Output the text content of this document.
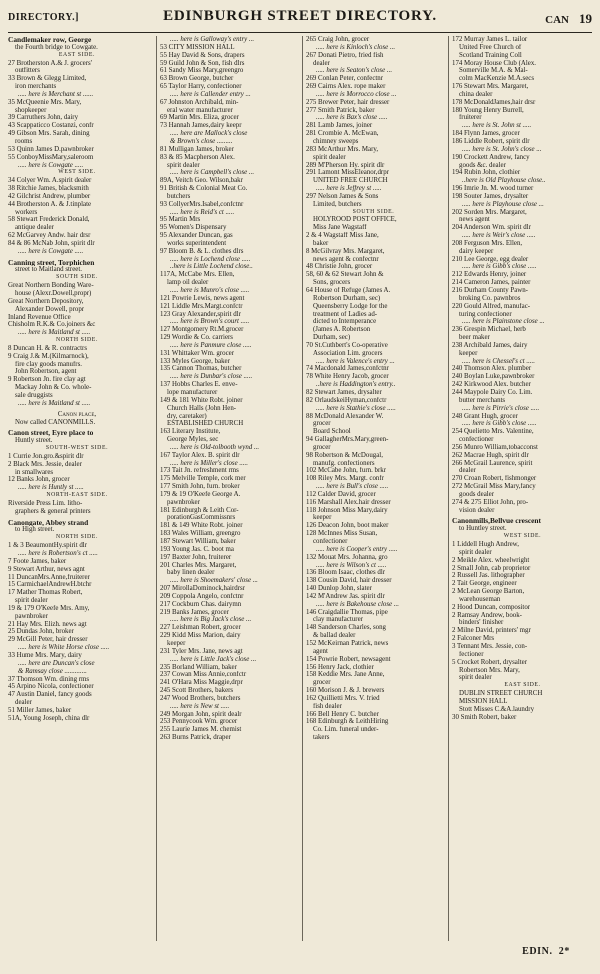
DIRECTORY.]	EDINBURGH STREET DIRECTORY.	CAN 19
Candlemaker row, George
the Fourth bridge to Cowgate.
EAST SIDE.
27 Brotherston A.& J. grocers'
outfitters
33 Brown & Glegg Limited,
iron merchants
..... here is Merchant st ......
35 McQueenie Mrs. Mary,
shopkeeper
39 Carruthers John, dairy
43 Scappaticco Costanzi, confr
49 Gibson Mrs. Sarah, dining
rooms
53 Quinn James D.pawnbroker
55 ConboyMissMary,saleroom
..... here is Cowgate .....
WEST SIDE.
34 Colyer Wm. A.spirit dealer
38 Ritchie James, blacksmith
42 Gilchrist Andrew, plumber
44 Brotherston A. & J.tinplate
workers
58 Stewart Frederick Donald,
antique dealer
62 McGarvey Andw. hair drsr
84 & 86 McNab John, spirit dlr
..... here is Cowgate .....
Canning street, Torphichen
street to Maitland street.
SOUTH SIDE.
Great Northern Bonding Ware-
house (Alexr.Dowell,propr)
Great Northern Depository,
Alexander Dowell, propr
Inland Revenue Office
Chisholm R.K.& Co.joiners &c
..... here is Maitland st .....
NORTH SIDE.
8 Duncan H. & R. contractrs
9 Craig J.& M.(Kilmarnock),
fire clay goods manufrs.
John Robertson, agent
9 Robertson Jn. fire clay agt
Mackay John & Co. whole-
sale druggists
..... here is Maitland st .....
Canon place,
Now called CANONMILLS.
Canon street, Eyre place to
Huntly street.
SOUTH-WEST SIDE.
1 Currie Jon.gro.&spirit dlr
2 Black Mrs. Jessie, dealer
in smallwares
12 Banks John, grocer
..... here is Huntly st .....
NORTH-EAST SIDE.
Riverside Press Lim. litho-
graphers & general printers
Canongate, Abbey strand
to High street.
NORTH SIDE.
1 & 3 BeaumontHy.spirit dlr
..... here is Robertson's ct .....
7 Foote James, baker
9 Stewart Arthur, news agnt
11 DuncanMrs.Anne,fruiterer
15 CarmichaelAndrewH.btchr
17 Mather Thomas Robert,
spirit dealer
19 & 179 O'Keefe Mrs. Amy,
pawnbroker
21 Hay Mrs. Elizh. news agt
25 Dundas John, broker
29 McGill Peter, hair dresser
..... here is White Horse close .....
33 Hume Mrs. Mary, dairy
..... here are Duncan's close
& Ramsay close .............
37 Thomson Wm. dining rms
45 Arpino Nicola, confectioner
47 Austin Daniel, fancy goods
dealer
51 Miller James, baker
51A, Young Joseph, china dlr
..... here is Galloway's entry ...
53 CITY MISSION HALL
55 Hay David & Sons, drapers
59 Guild John & Son, fish dlrs
61 Sandy Miss Mary,greengro
63 Brown George, butcher
65 Taylor Harry, confectioner
..... here is Callender entry ...
67 Johnston Archibald, min-
eral water manufacturer
69 Martin Mrs. Eliza, grocer
73 Hannah James,dairy keepr
..... here are Mallock's close
& Brown's close .........
81 Mulligan James, broker
83 & 85 Macpherson Alex.
spirit dealer
..... here is Campbell's close ...
89A, Veitch Geo. Wilson,bakr
91 British & Colonial Meat Co.
butchers
93 CollyerMrs.Isabel,confctnr
..... here is Reid's ct .....
95 Martin Mrs
95 Women's Dispensary
95 Alexander Duncan, gas
works superintendent
97 Bloom B. & L. clothes dlrs
..... here is Lochend close .....
..here is Little Lochend close..
117A, McCabe Mrs. Ellen,
lamp oil dealer
..... here is Munro's close .....
121 Powrie Lewis, news agent
121 Liddle Mrs.Margt.confctr
123 Gray Alexander,spirit dlr
..... here is Brown's court .....
127 Montgomery Rt.M.grocer
129 Wordie & Co. carriers
..... here is Panmure close .....
131 Whittaker Wm. grocer
133 Myles George, baker
135 Cannon Thomas, butcher
..... here is Dunbar's close .....
137 Hobbs Charles E. enve-
lope manufacturer
149 & 181 White Robt. joiner
Church Halls (John Hen-
dry, caretaker)
ESTABLISHED CHURCH
163 Literary Institute,
George Myles, sec
..... here is Old-tolbooth wynd ...
167 Taylor Alex. B. spirit dlr
..... here is Miller's close .....
173 Tait Jn. refreshment rms
175 Melville Temple, cork mer
177 Smith John, furn. broker
179 & 19 O'Keefe George A.
pawnbroker
181 Edinburgh & Leith Cor-
porationGasCommissnrs
181 & 149 White Robt. joiner
183 Wales William, greengro
187 Stewart William, baker
193 Young Jas. C. boot ma
197 Baxter John, fruiterer
201 Charles Mrs. Margaret,
baby linen dealer
..... here is Shoemakers' close ...
207 MirollaDominock,hairdrsr
209 Coppola Angelo, confctnr
217 Cockburn Chas. dairymn
219 Banks James, grocer
..... here is Big Jack's close ...
227 Leishman Robert, grocer
229 Kidd Miss Marion, dairy
keeper
231 Tyler Mrs. Jane, news agt
..... here is Little Jack's close ...
235 Borland William, baker
237 Cowan Miss Annie,confctr
241 O'Hara Miss Maggie,drpr
245 Scott Brothers, bakers
247 Wood Brothers, butchers
..... here is New st .....
249 Morgan John, spirit dealr
253 Pennycook Wm. grocer
255 Laurie James M. chemist
263 Burns Patrick, draper
265 Craig John, grocer
..... here is Kinloch's close ...
267 Donati Pietro, fried fish
dealer
..... here is Seaton's close ...
269 Conlan Peter, confectnr
269 Cairns Alex. rope maker
..... here is Morrocco close ...
275 Brewer Peter, hair dresser
277 Smith Patrick, baker
..... here is Bax's close .....
281 Lamb James, joiner
281 Crombie A. McEwan,
chimney sweeps
283 McArthur Mrs. Mary,
spirit dealer
289 M'Pherson Hy. spirit dlr
291 Lamont MissEleanor,drpr
UNITED FREE CHURCH
..... here is Jeffrey st .....
297 Nelson James & Sons
Limited, butchers
SOUTH SIDE.
HOLYROOD POST OFFICE,
Miss Jane Wagstaff
2 & 4 Wagstaff Miss Jane,
baker
8 McGilvray Mrs. Margaret,
news agent & confectnr
48 Christie John, grocer
58, 60 & 62 Stewart John &
Sons, grocers
64 House of Refuge (James A.
Robertson Durham, sec)
Queensberry Lodge for the
treatment of Ladies ad-
dicted to Intemperance
(James A. Robertson
Durham, sec)
70 St.Cuthbert's Co-operative
Association Lim. grocers
..... here is Valence's entry ...
74 Macdonald James,confctnr
78 White Henry Jacob, grocer
..here is Haddington's entry..
82 Stewart James, drysalter
82 OrlaudskeiHyman,confctr
..... here is Stathie's close .....
88 McDonald Alexander W.
grocer
Board School
94 GallagherMrs.Mary,green-
grocer
98 Robertson & McDougal,
manufg. confectioners
102 McCabe John, furn. brkr
108 Riley Mrs. Margt. confr
..... here is Bull's close .....
112 Calder David, grocer
116 Marshall Alex.hair dresser
118 Johnson Miss Mary,dairy
keeper
126 Deacon John, boot maker
128 McInnes Miss Susan,
confectioner
..... here is Cooper's entry .....
132 Mouat Mrs. Johanna, gro
..... here is Wilson's ct .....
136 Bloom Isaac, clothes dlr
138 Cousin David, hair dresser
140 Dunlop John, slater
142 M'Andrew Jas. spirit dlr
..... here is Bakehouse close ...
146 Craigdallie Thomas, pipe
clay manufacturer
148 Sanderson Charles, song
& ballad dealer
152 McKeirnan Patrick, news
agent
154 Powrie Robert, newsagent
156 Henry Jack, clothier
158 Keddie Mrs. Jane Anne,
grocer
160 Morison J. & J. brewers
162 Quillietti Mrs. V. fried
fish dealer
166 Bell Henry C. butcher
168 Edinburgh & LeithHiring
Co. Lim. funeral under-
takers
172 Murray James L. tailor
United Free Church of
Scotland Training Coll
174 Moray House Club (Alex.
Somerville M.A. & Mal-
colm MacKenzie M.A.secs
176 Stewart Mrs. Margaret,
china dealer
178 McDonaldJames,hair drsr
180 Young Henry Burrell,
fruiterer
..... here is St. John st .....
184 Flynn James, grocer
186 Liddle Robert, spirit dlr
..... here is St. John's close ...
190 Crockett Andrew, fancy
goods &c. dealer
194 Rubin John, clothier
..here is Old Playhouse close..
196 Imrie Jn. M. wood turner
198 Souter James, drysalter
..... here is Playhouse close ...
202 Sorden Mrs. Margaret,
news agent
204 Anderson Wm. spirit dlr
..... here is Weir's close .....
208 Ferguson Mrs. Ellen,
dairy keeper
210 Lee George, egg dealer
..... here is Gibb's close .....
212 Edwards Henry, joiner
214 Cameron James, painter
216 Durham County Pawn-
broking Co. pawnbros
220 Gould Alfred, manufac-
turing confectioner
..... here is Plainstone close ...
236 Grespin Michael, herb
beer maker
238 Archibald James, dairy
keeper
..... here is Chessel's ct .....
240 Thomson Alex. plumber
240 Boylan Luke,pawnbroker
242 Kirkwood Alex. butcher
244 Maypole Dairy Co. Lim.
butter merchants
..... here is Pirrie's close .....
248 Grant Hugh, grocer
..... here is Gibb's close .....
254 Quelietto Mrs. Valentine,
confectioner
256 Munro William,tobacconst
262 Macrae Hugh, spirit dlr
266 McGrail Laurence, spirit
dealer
270 Croan Robert, fishmonger
272 McGrail Miss Mary,fancy
goods dealer
274 & 275 Elliot John, pro-
vision dealer
Canonmills,Bellvue crescent
to Huntley street.
WEST SIDE.
1 Liddell Hugh Andrew,
spirit dealer
2 Meikle Alex. wheelwright
2 Small John, cab proprietor
2 Russell Jas. lithographer
2 Tait George, engineer
2 McLean George Barton,
warehouseman
2 Hood Duncan, compositor
2 Ramsay Andrew, book-
binders' finisher
2 Milne David, printers' mgr
2 Falconer Mrs
3 Tennant Mrs. Jessie, con-
fectioner
5 Crocket Robert, drysalter
Robertson Mrs. Mary,
spirit dealer
EAST SIDE.
DUBLIN STREET CHURCH
MISSION HALL
Stott Misses C.&A.laundry
30 Smith Robert, baker
EDIN. 2*
